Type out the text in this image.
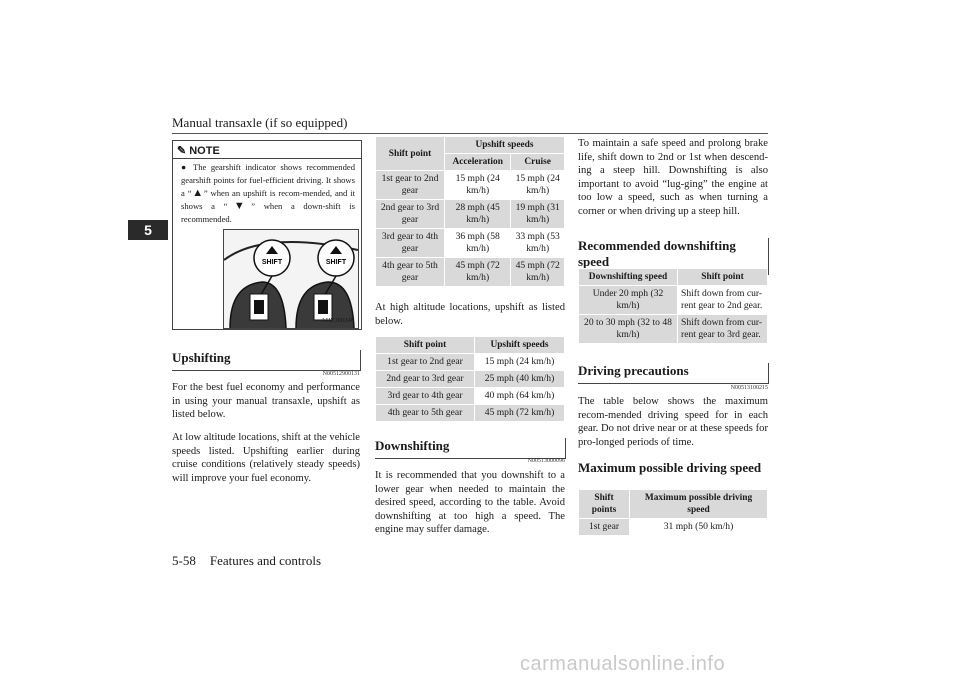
Manual transaxle (if so equipped)
5
✎ NOTE
● The gearshift indicator shows recommended gearshift points for fuel-efficient driving. It shows a “▲” when an upshift is recom-mended, and it shows a “▼” when a down-shift is recommended.
SHIFT	SHIFT
AHZ100248
Upshifting
N00512900131

For the best fuel economy and performance in using your manual transaxle, upshift as listed below.

At low altitude locations, shift at the vehicle speeds listed. Upshifting earlier during cruise conditions (relatively steady speeds) will improve your fuel economy.

Shift point	Upshift speeds	
	Acceleration	Cruise
1st gear to 2nd gear	15 mph (24 km/h)	15 mph (24 km/h)
2nd gear to 3rd gear	28 mph (45 km/h)	19 mph (31 km/h)
3rd gear to 4th gear	36 mph (58 km/h)	33 mph (53 km/h)
4th gear to 5th gear	45 mph (72 km/h)	45 mph (72 km/h)

At high altitude locations, upshift as listed below.

Shift point	Upshift speeds
1st gear to 2nd gear	15 mph (24 km/h)
2nd gear to 3rd gear	25 mph (40 km/h)
3rd gear to 4th gear	40 mph (64 km/h)
4th gear to 5th gear	45 mph (72 km/h)
Downshifting
N00513000096

It is recommended that you downshift to a lower gear when needed to maintain the desired speed, according to the table. Avoid downshifting at too high a speed. The engine may suffer damage.

To maintain a safe speed and prolong brake life, shift down to 2nd or 1st when descend-ing a steep hill. Downshifting is also important to avoid “lug-ging” the engine at too low a speed, such as when turning a corner or when driving up a steep hill.

Recommended downshifting speed
Downshifting speed	Shift point
Under 20 mph (32 km/h)	Shift down from cur-rent gear to 2nd gear.
20 to 30 mph (32 to 48 km/h)	Shift down from cur-rent gear to 3rd gear.
Driving precautions
N00513100215

The table below shows the maximum recom-mended driving speed for in each gear. Do not drive near or at these speeds for pro-longed periods of time.

Maximum possible driving speed
Shift points	Maximum possible driving speed
1st gear	31 mph (50 km/h)
5-58 Features and controls
carmanualsonline.info
